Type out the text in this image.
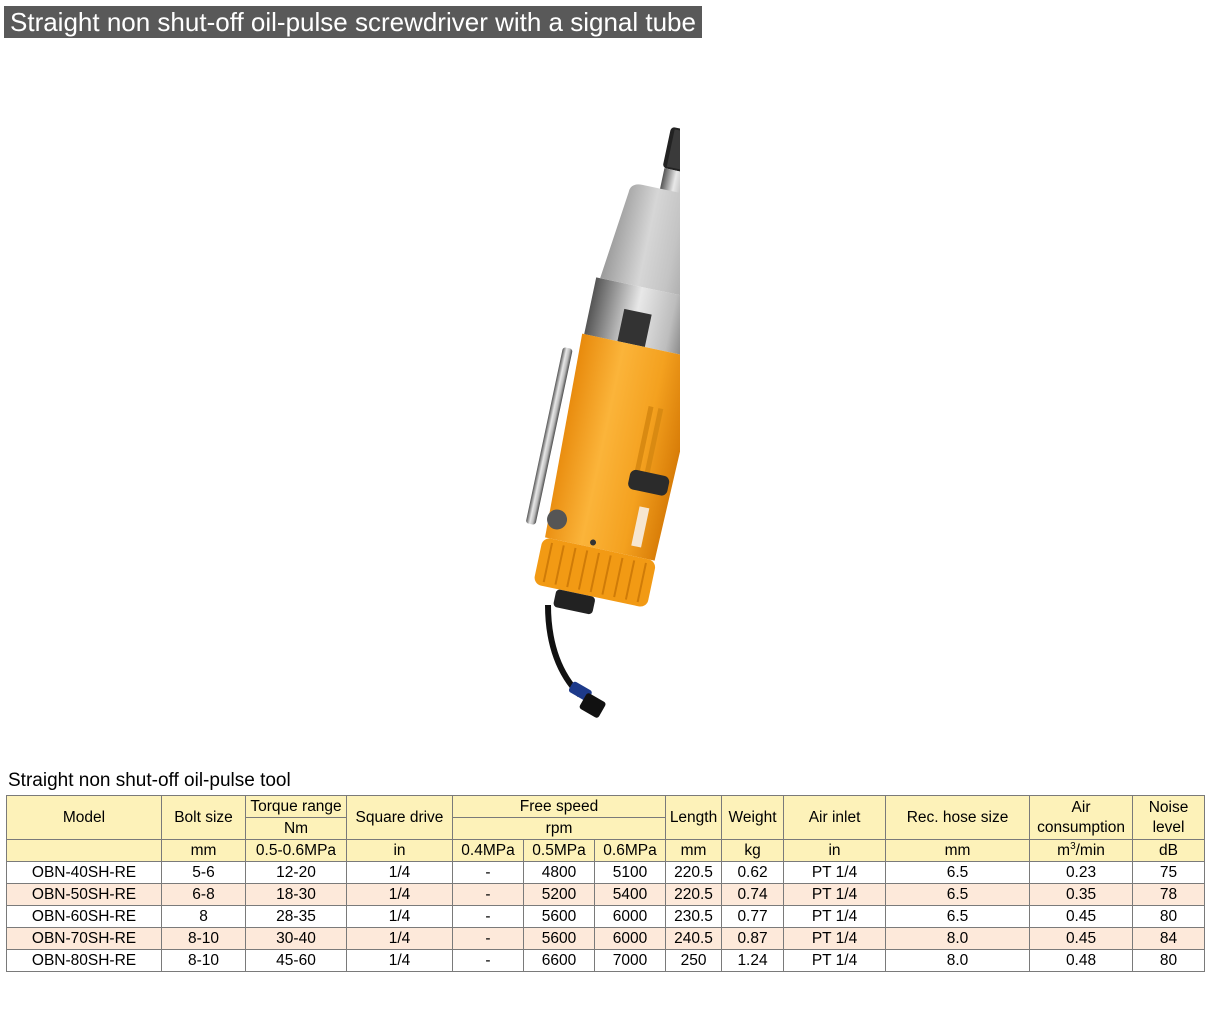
Straight non shut-off oil-pulse screwdriver with a signal tube
Straight non shut-off oil-pulse tool
Model	Bolt size	Torque range	Square drive	Free speed			Length	Weight	Air inlet	Rec. hose size	Air
consumption	Noise
level
		Nm		rpm								
	mm	0.5-0.6MPa	in	0.4MPa	0.5MPa	0.6MPa	mm	kg	in	mm	$m^3/\min$	dB
OBN-40SH-RE	5-6	12-20	1/4	-	4800	5100	220.5	0.62	PT 1/4	6.5	0.23	75
OBN-50SH-RE	6-8	18-30	1/4	-	5200	5400	220.5	0.74	PT 1/4	6.5	0.35	78
OBN-60SH-RE	8	28-35	1/4	-	5600	6000	230.5	0.77	PT 1/4	6.5	0.45	80
OBN-70SH-RE	8-10	30-40	1/4	-	5600	6000	240.5	0.87	PT 1/4	8.0	0.45	84
OBN-80SH-RE	8-10	45-60	1/4	-	6600	7000	250	1.24	PT 1/4	8.0	0.48	80
